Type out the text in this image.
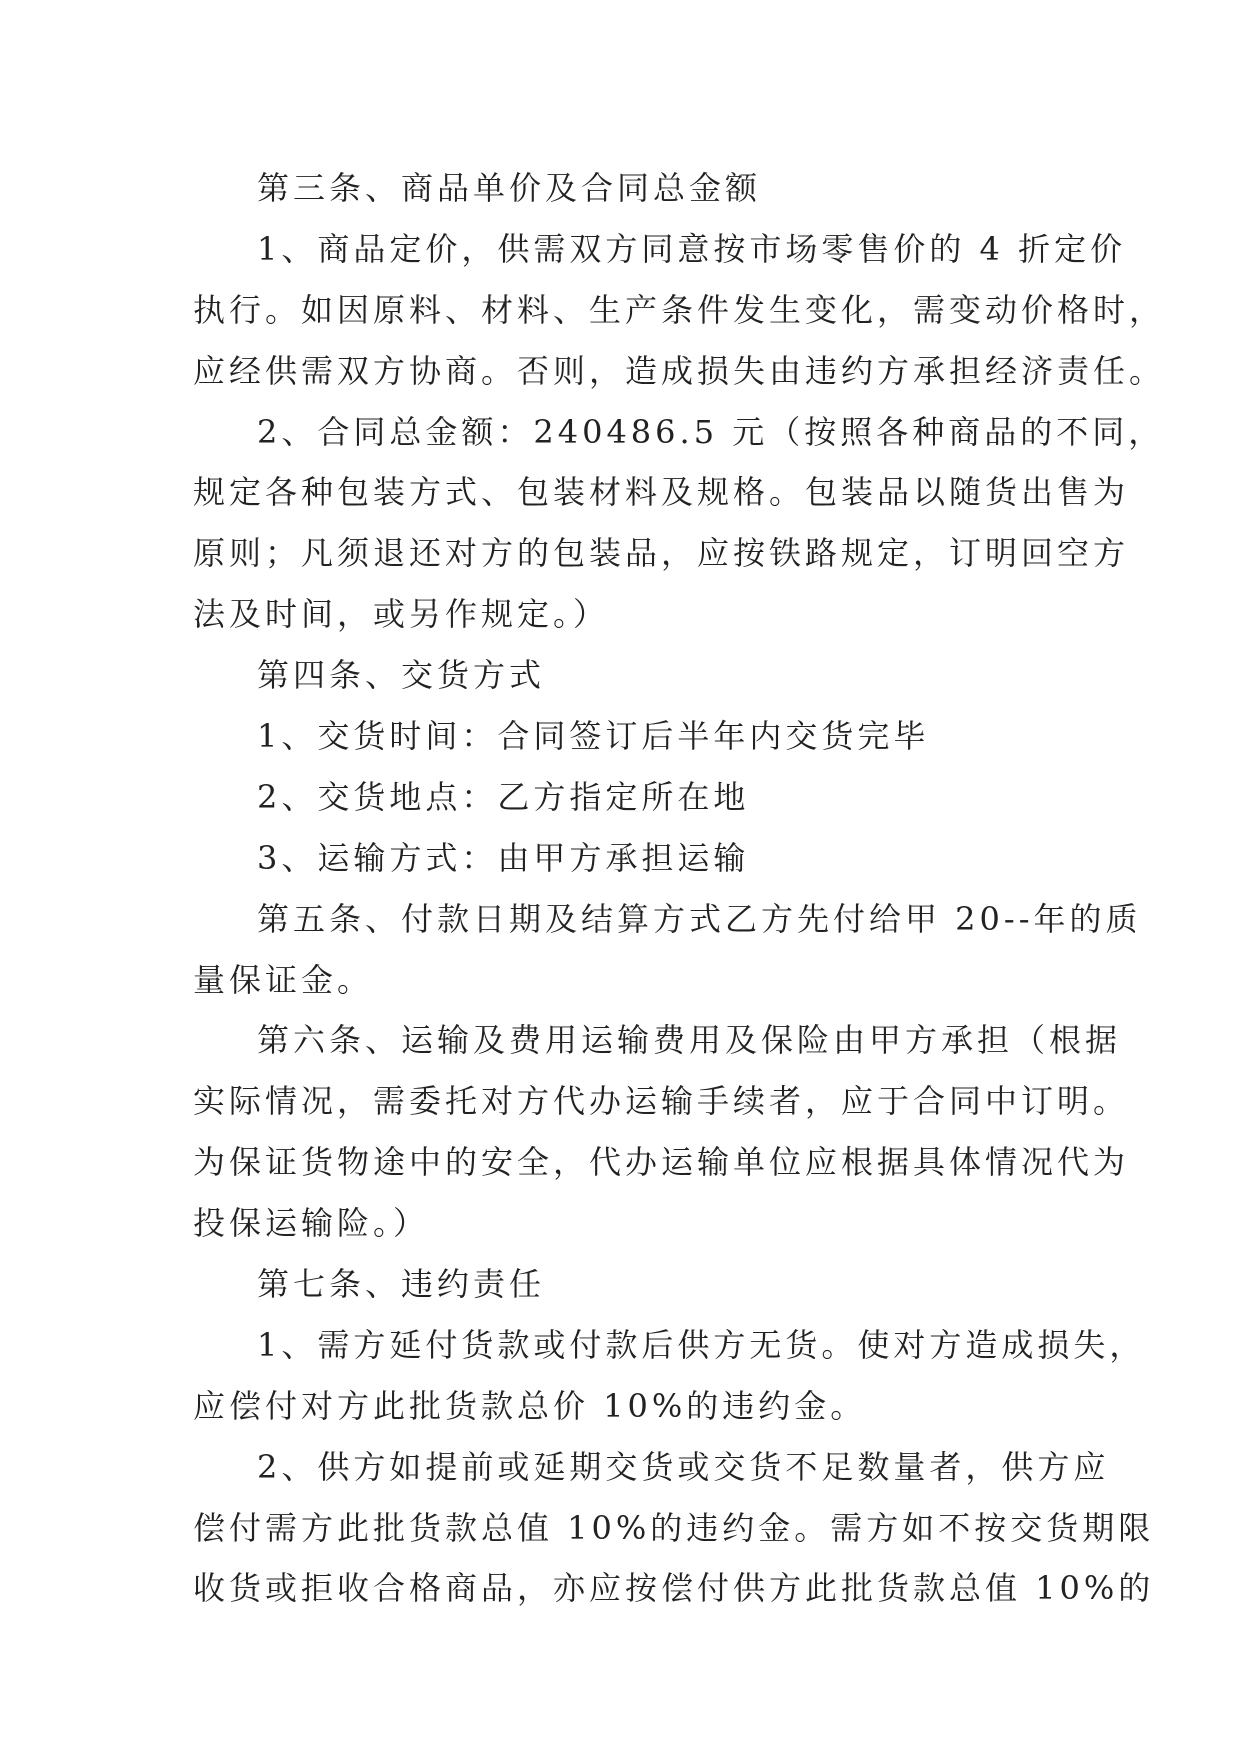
第三条、商品单价及合同总金额
1、商品定价，供需双方同意按市场零售价的 4 折定价
执行。如因原料、材料、生产条件发生变化，需变动价格时，
应经供需双方协商。否则，造成损失由违约方承担经济责任。
2、合同总金额：240486.5 元（按照各种商品的不同，
规定各种包装方式、包装材料及规格。包装品以随货出售为
原则；凡须退还对方的包装品，应按铁路规定，订明回空方
法及时间，或另作规定。）
第四条、交货方式
1、交货时间：合同签订后半年内交货完毕
2、交货地点：乙方指定所在地
3、运输方式：由甲方承担运输
第五条、付款日期及结算方式乙方先付给甲 20--年的质
量保证金。
第六条、运输及费用运输费用及保险由甲方承担（根据
实际情况，需委托对方代办运输手续者，应于合同中订明。
为保证货物途中的安全，代办运输单位应根据具体情况代为
投保运输险。）
第七条、违约责任
1、需方延付货款或付款后供方无货。使对方造成损失，
应偿付对方此批货款总价 10%的违约金。
2、供方如提前或延期交货或交货不足数量者，供方应
偿付需方此批货款总值 10%的违约金。需方如不按交货期限
收货或拒收合格商品，亦应按偿付供方此批货款总值 10%的
